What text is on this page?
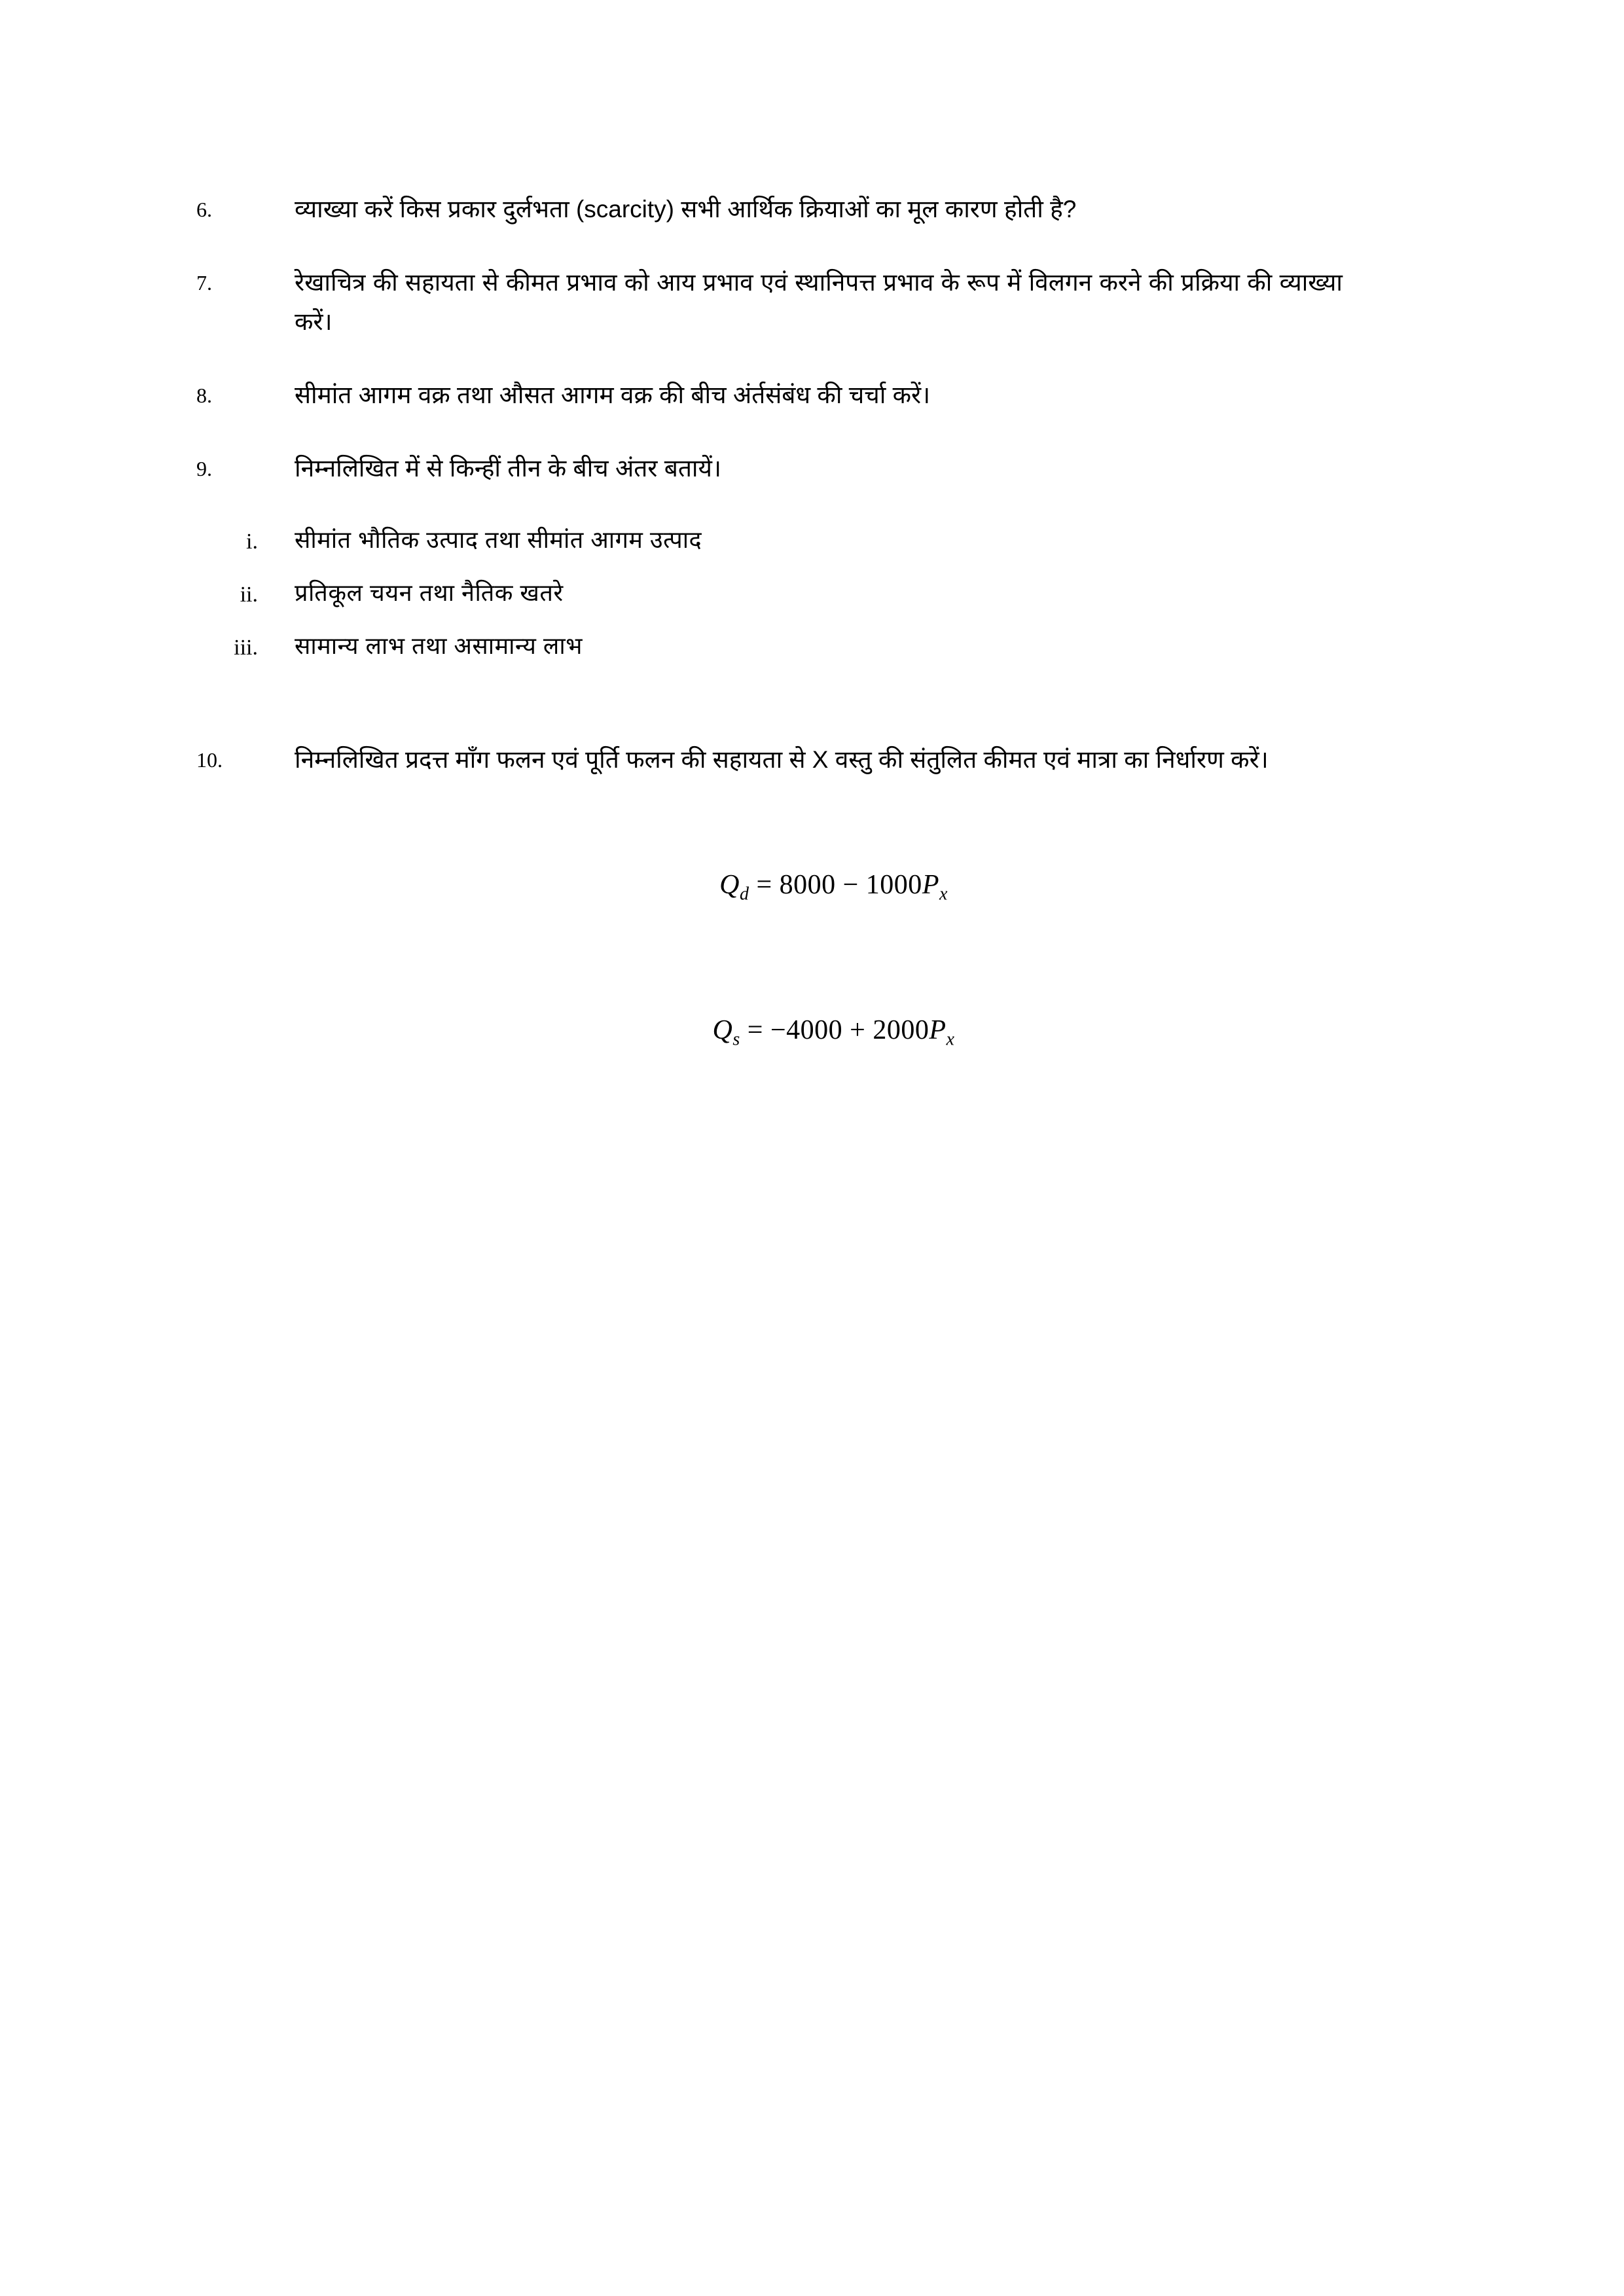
6.	व्याख्या करें किस प्रकार दुर्लभता (scarcity) सभी आर्थिक क्रियाओं का मूल कारण होती है?
7.	रेखाचित्र की सहायता से कीमत प्रभाव को आय प्रभाव एवं स्थानिपत्त प्रभाव के रूप में विलगन करने की प्रक्रिया की व्याख्या करें।
8.	सीमांत आगम वक्र तथा औसत आगम वक्र की बीच अंर्तसंबंध की चर्चा करें।
9.	निम्नलिखित में से किन्हीं तीन के बीच अंतर बतायें।
i.	सीमांत भौतिक उत्पाद तथा सीमांत आगम उत्पाद
ii.	प्रतिकूल चयन तथा नैतिक खतरे
iii.	सामान्य लाभ तथा असामान्य लाभ
10.	निम्नलिखित प्रदत्त माँग फलन एवं पूर्ति फलन की सहायता से X वस्तु की संतुलित कीमत एवं मात्रा का निर्धारण करें।

$Q_d = 8000 - 1000P_x$

$Q_s = -4000 + 2000P_x$
